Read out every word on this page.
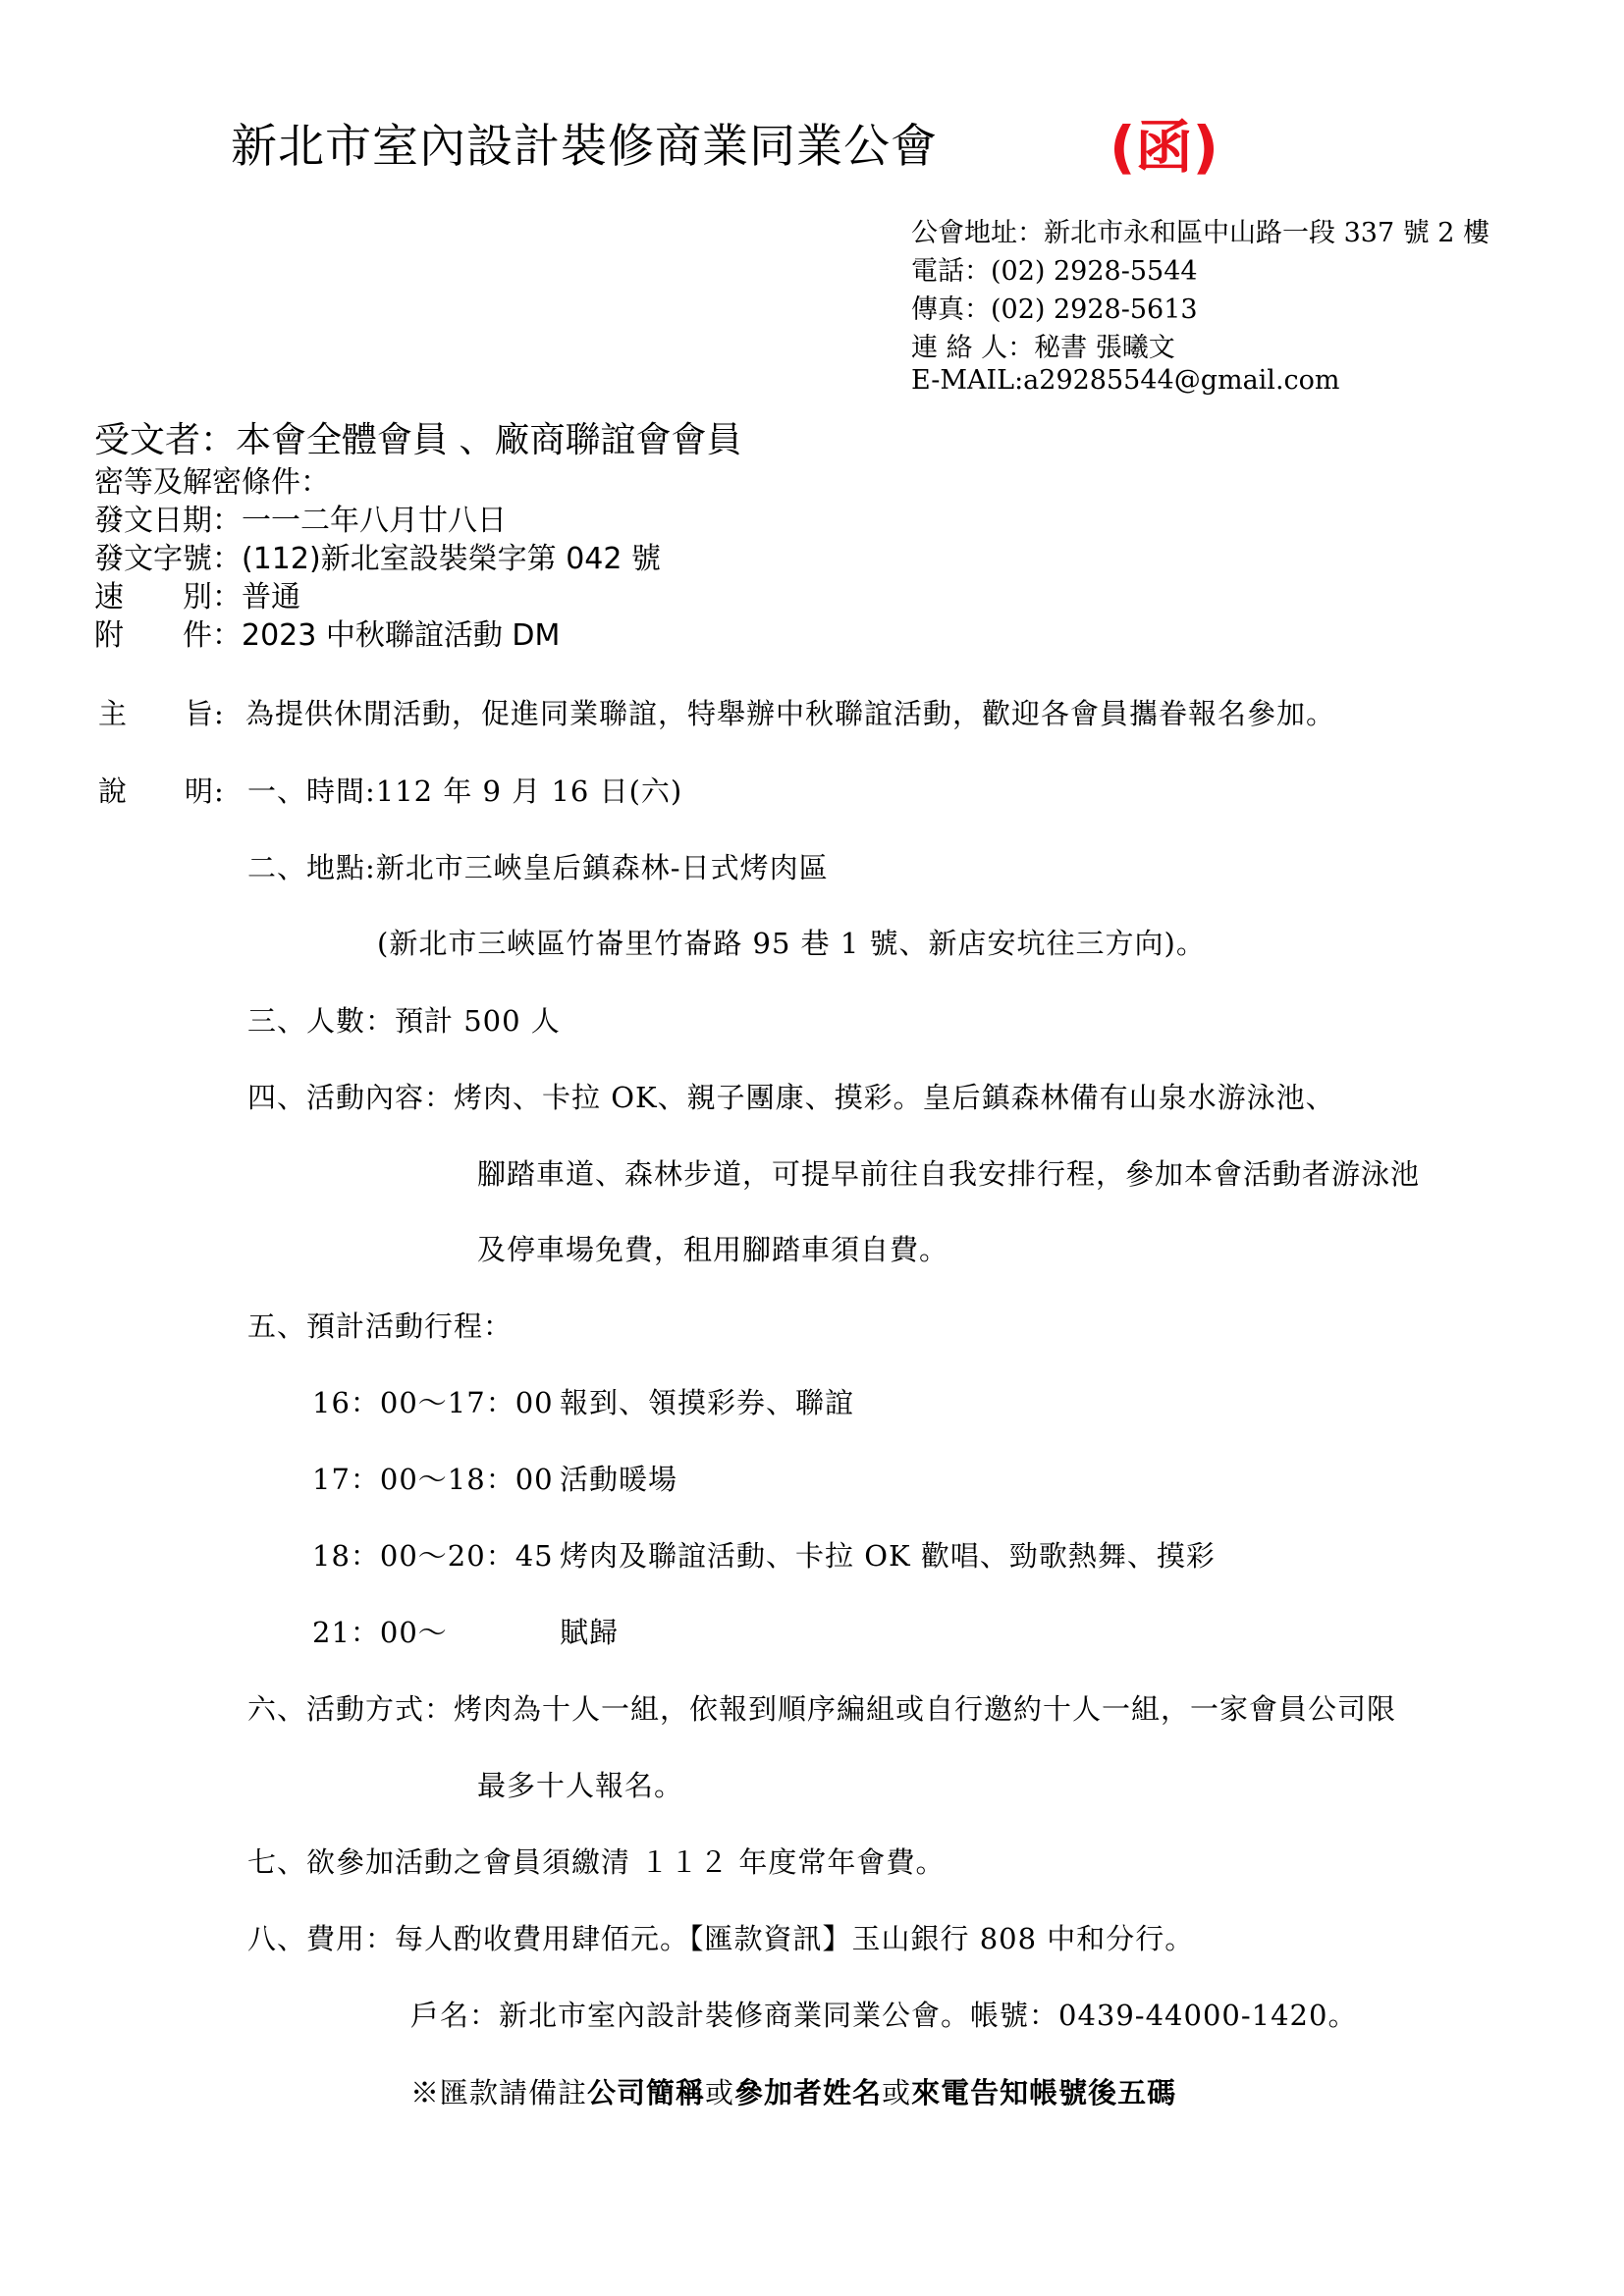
新北市室內設計裝修商業同業公會	(函)
公會地址：新北市永和區中山路一段 337 號 2 樓
電話：(02) 2928-5544
傳真：(02) 2928-5613
連 絡 人：秘書 張曦文
E-MAIL:a29285544@gmail.com
受文者：本會全體會員 、廠商聯誼會會員
密等及解密條件：
發文日期：一一二年八月廿八日
發文字號：(112)新北室設裝榮字第 042 號
速　　別：普通
附　　件：2023 中秋聯誼活動 DM
主 旨: 為提供休閒活動，促進同業聯誼，特舉辦中秋聯誼活動，歡迎各會員攜眷報名參加。
說 明: 一、時間:112 年 9 月 16 日(六)
二、地點:新北市三峽皇后鎮森林-日式烤肉區
(新北市三峽區竹崙里竹崙路 95 巷 1 號、新店安坑往三方向)。
三、人數：預計 500 人
四、活動內容：烤肉、卡拉 OK、親子團康、摸彩。皇后鎮森林備有山泉水游泳池、
腳踏車道、森林步道，可提早前往自我安排行程，參加本會活動者游泳池
及停車場免費，租用腳踏車須自費。
五、預計活動行程：
16：00～17：00 報到、領摸彩券、聯誼
17：00～18：00 活動暖場
18：00～20：45 烤肉及聯誼活動、卡拉 OK 歡唱、勁歌熱舞、摸彩
21：00～	賦歸
六、活動方式：烤肉為十人一組，依報到順序編組或自行邀約十人一組，一家會員公司限
最多十人報名。
七、欲參加活動之會員須繳清 １１２ 年度常年會費。
八、費用：每人酌收費用肆佰元。【匯款資訊】玉山銀行 808 中和分行。
戶名：新北市室內設計裝修商業同業公會。帳號：0439-44000-1420。
※匯款請備註公司簡稱或參加者姓名或來電告知帳號後五碼
